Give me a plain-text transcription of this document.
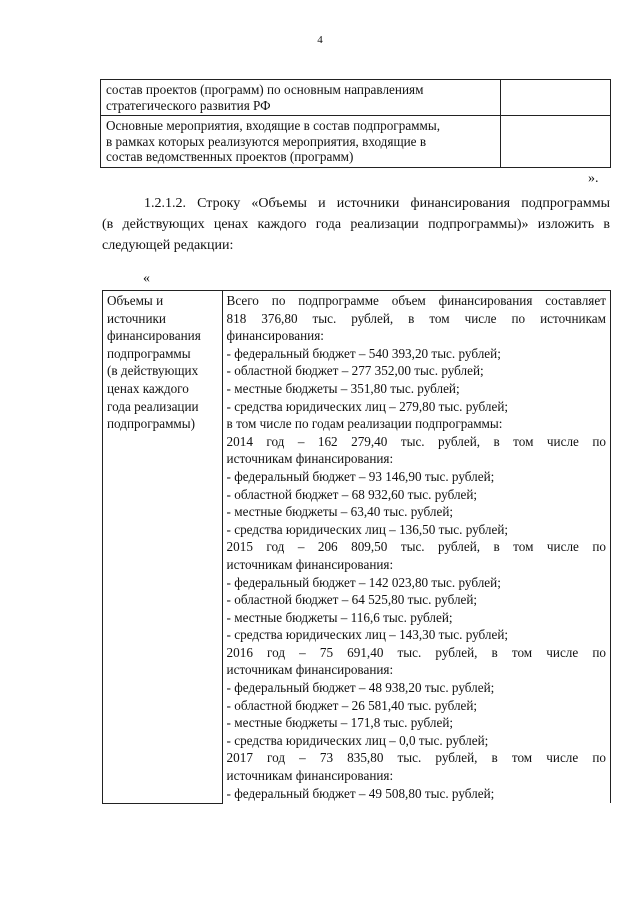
4
состав проектов (программ) по основным направлениям
стратегического развития РФ	

Основные мероприятия, входящие в состав подпрограммы,
в рамках которых реализуются мероприятия, входящие в
состав ведомственных проектов (программ)	

».
1.2.1.2. Строку «Объемы и источники финансирования подпрограммы
(в действующих ценах каждого года реализации подпрограммы)» изложить в
следующей редакции:
«
Объемы и
источники
финансирования
подпрограммы
(в действующих
ценах каждого
года реализации
подпрограммы)

Всего по подпрограмме объем финансирования составляет
818 376,80 тыс. рублей, в том числе по источникам
финансирования:
- федеральный бюджет – 540 393,20 тыс. рублей;
- областной бюджет – 277 352,00 тыс. рублей;
- местные бюджеты – 351,80 тыс. рублей;
- средства юридических лиц – 279,80 тыс. рублей;
в том числе по годам реализации подпрограммы:
2014 год – 162 279,40 тыс. рублей, в том числе по
источникам финансирования:
- федеральный бюджет – 93 146,90 тыс. рублей;
- областной бюджет – 68 932,60 тыс. рублей;
- местные бюджеты – 63,40 тыс. рублей;
- средства юридических лиц – 136,50 тыс. рублей;
2015 год – 206 809,50 тыс. рублей, в том числе по
источникам финансирования:
- федеральный бюджет – 142 023,80 тыс. рублей;
- областной бюджет – 64 525,80 тыс. рублей;
- местные бюджеты – 116,6 тыс. рублей;
- средства юридических лиц – 143,30 тыс. рублей;
2016 год – 75 691,40 тыс. рублей, в том числе по
источникам финансирования:
- федеральный бюджет – 48 938,20 тыс. рублей;
- областной бюджет – 26 581,40 тыс. рублей;
- местные бюджеты – 171,8 тыс. рублей;
- средства юридических лиц – 0,0 тыс. рублей;
2017 год – 73 835,80 тыс. рублей, в том числе по
источникам финансирования:
- федеральный бюджет – 49 508,80 тыс. рублей;
